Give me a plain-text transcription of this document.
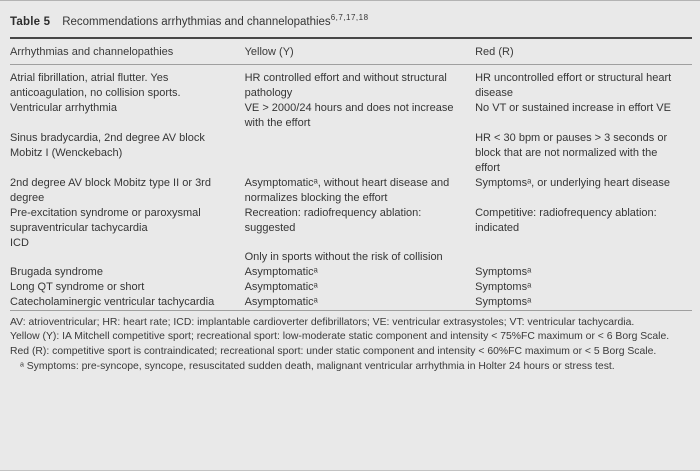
Table 5 Recommendations arrhythmias and channelopathies$^{6,7,17,18}$
Arrhythmias and channelopathies	Yellow (Y)	Red (R)
Atrial fibrillation, atrial flutter. Yes anticoagulation, no collision sports.	HR controlled effort and without structural pathology	HR uncontrolled effort or structural heart disease
Ventricular arrhythmia	VE > 2000/24 hours and does not increase with the effort	No VT or sustained increase in effort VE
Sinus bradycardia, 2nd degree AV block Mobitz I (Wenckebach)		HR < 30 bpm or pauses > 3 seconds or block that are not normalized with the effort
2nd degree AV block Mobitz type II or 3rd degree	Asymptomaticᵃ, without heart disease and normalizes blocking the effort	Symptomsᵃ, or underlying heart disease
Pre-excitation syndrome or paroxysmal supraventricular tachycardia	Recreation: radiofrequency ablation: suggested	Competitive: radiofrequency ablation: indicated
ICD	Only in sports without the risk of collision	
Brugada syndrome	Asymptomaticᵃ	Symptomsᵃ
Long QT syndrome or short	Asymptomaticᵃ	Symptomsᵃ
Catecholaminergic ventricular tachycardia	Asymptomaticᵃ	Symptomsᵃ

AV: atrioventricular; HR: heart rate; ICD: implantable cardioverter defibrillators; VE: ventricular extrasystoles; VT: ventricular tachycardia.

Yellow (Y): IA Mitchell competitive sport; recreational sport: low-moderate static component and intensity < 75%FC maximum or < 6 Borg Scale.

Red (R): competitive sport is contraindicated; recreational sport: under static component and intensity < 60%FC maximum or < 5 Borg Scale.

ᵃ Symptoms: pre-syncope, syncope, resuscitated sudden death, malignant ventricular arrhythmia in Holter 24 hours or stress test.
